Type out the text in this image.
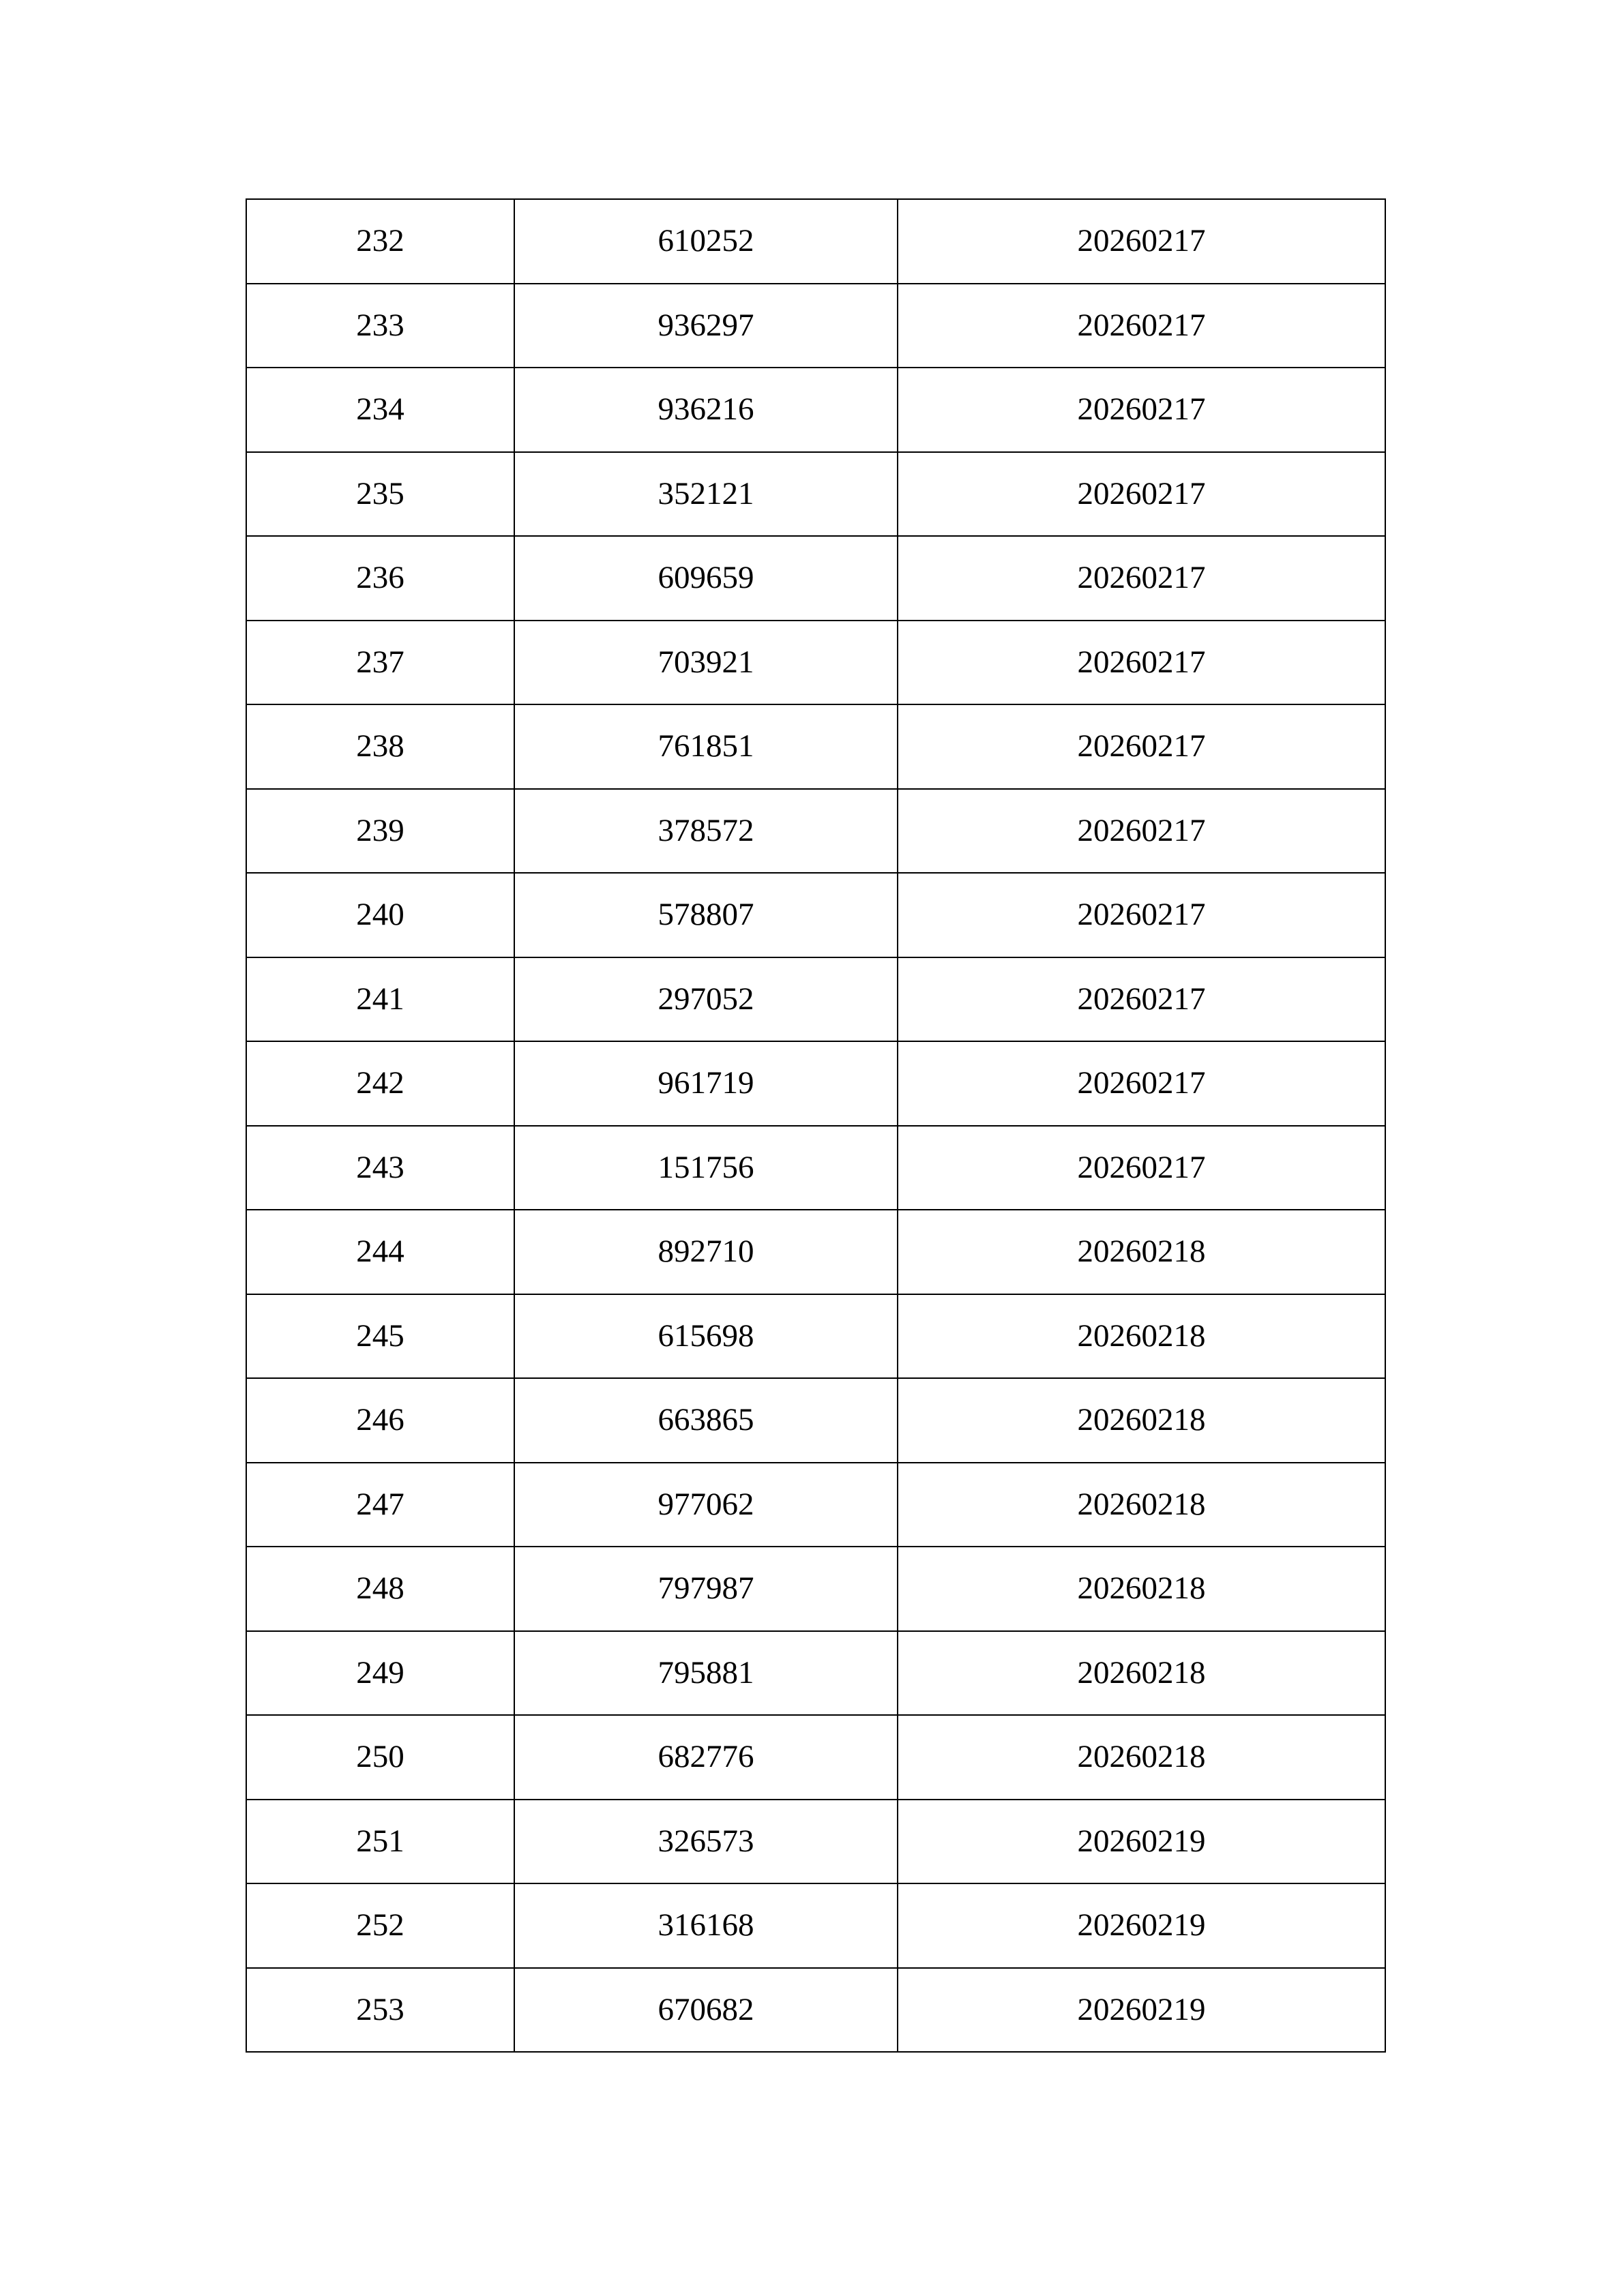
232	610252	20260217
233	936297	20260217
234	936216	20260217
235	352121	20260217
236	609659	20260217
237	703921	20260217
238	761851	20260217
239	378572	20260217
240	578807	20260217
241	297052	20260217
242	961719	20260217
243	151756	20260217
244	892710	20260218
245	615698	20260218
246	663865	20260218
247	977062	20260218
248	797987	20260218
249	795881	20260218
250	682776	20260218
251	326573	20260219
252	316168	20260219
253	670682	20260219
